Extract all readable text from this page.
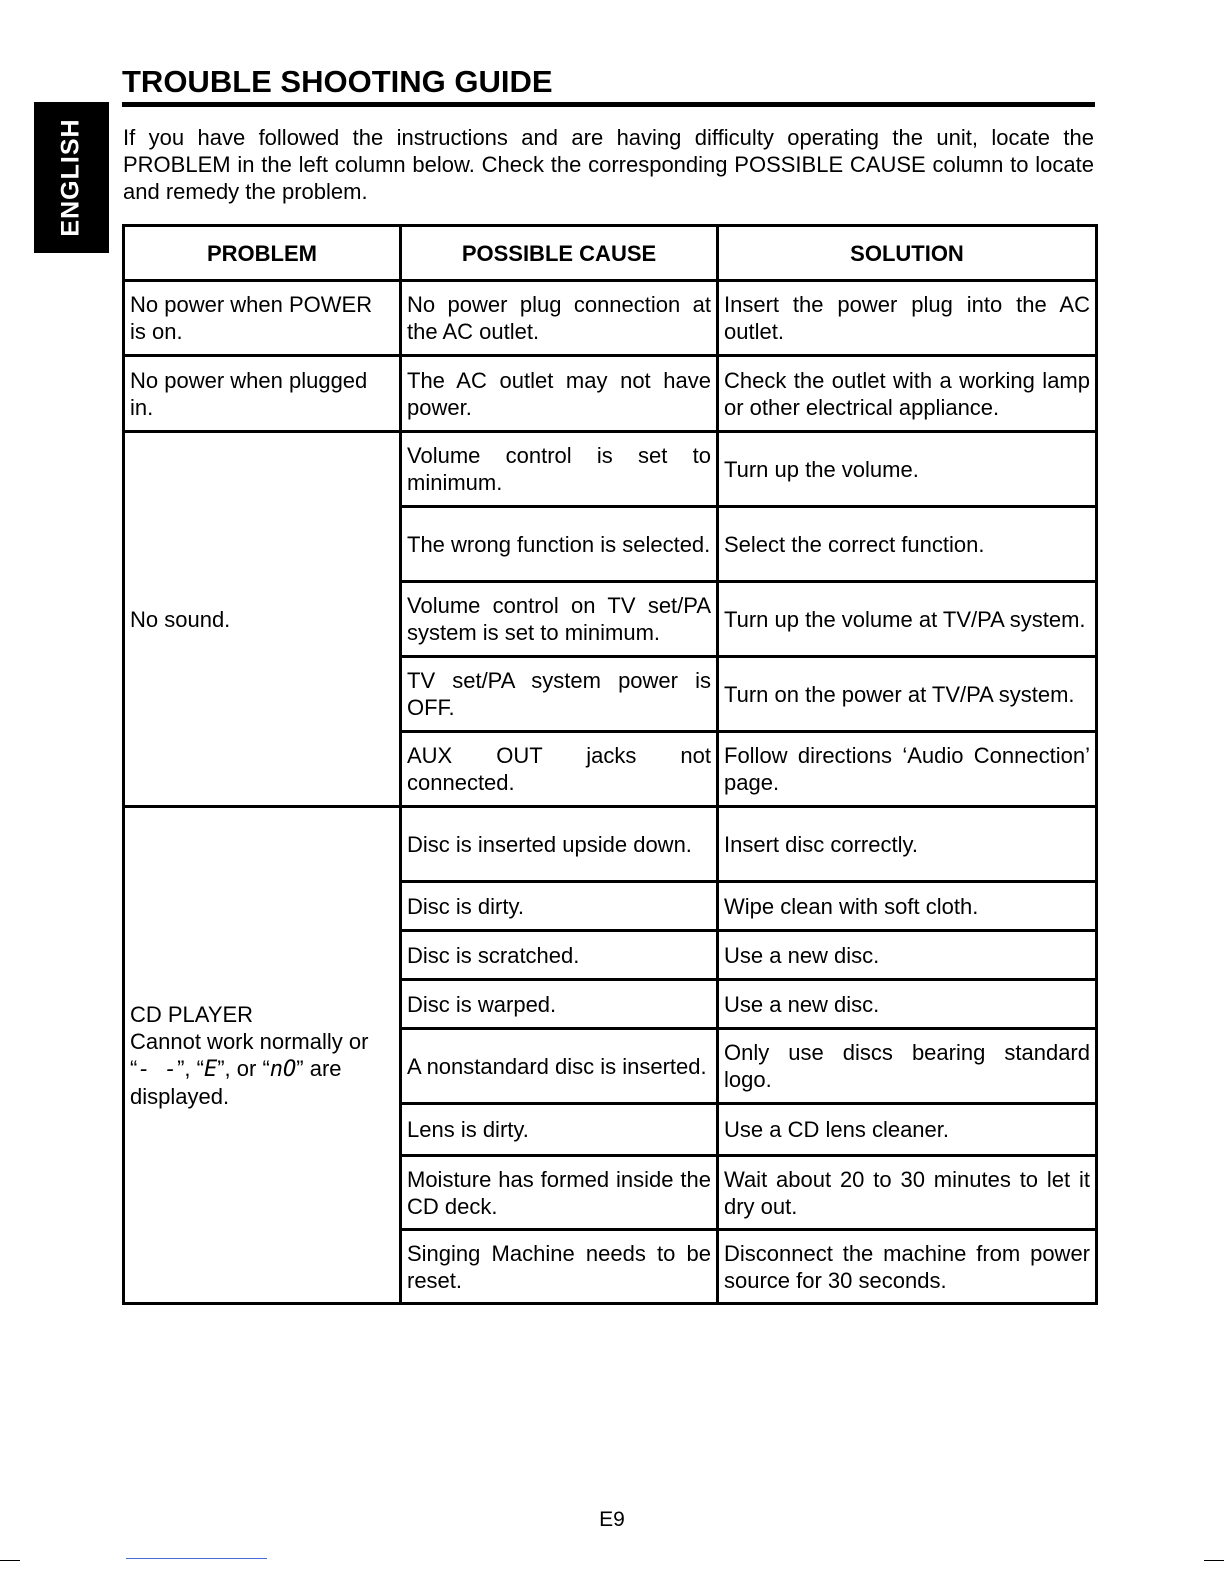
ENGLISH
TROUBLE SHOOTING GUIDE

If you have followed the instructions and are having difficulty operating the unit, locate the PROBLEM in the left column below. Check the corresponding POSSIBLE CAUSE column to locate and remedy the problem.

PROBLEM	POSSIBLE CAUSE	SOLUTION
No power when POWER is on.	No power plug connection at the AC outlet.	Insert the power plug into the AC outlet.
No power when plugged in.	The AC outlet may not have power.	Check the outlet with a working lamp or other electrical appliance.
No sound.	Volume control is set to minimum.	Turn up the volume.
	The wrong function is selected.	Select the correct function.
	Volume control on TV set/PA system is set to minimum.	Turn up the volume at TV/PA system.
	TV set/PA system power is OFF.	Turn on the power at TV/PA system.
	AUX OUT jacks not connected.	Follow directions ‘Audio Connection’ page.
CD PLAYER
Cannot work normally or
“- -”, “E”, or “nO” are displayed.	Disc is inserted upside down.	Insert disc correctly.
	Disc is dirty.	Wipe clean with soft cloth.
	Disc is scratched.	Use a new disc.
	Disc is warped.	Use a new disc.
	A nonstandard disc is inserted.	Only use discs bearing standard logo.
	Lens is dirty.	Use a CD lens cleaner.
	Moisture has formed inside the CD deck.	Wait about 20 to 30 minutes to let it dry out.
	Singing Machine needs to be reset.	Disconnect the machine from power source for 30 seconds.
E9
